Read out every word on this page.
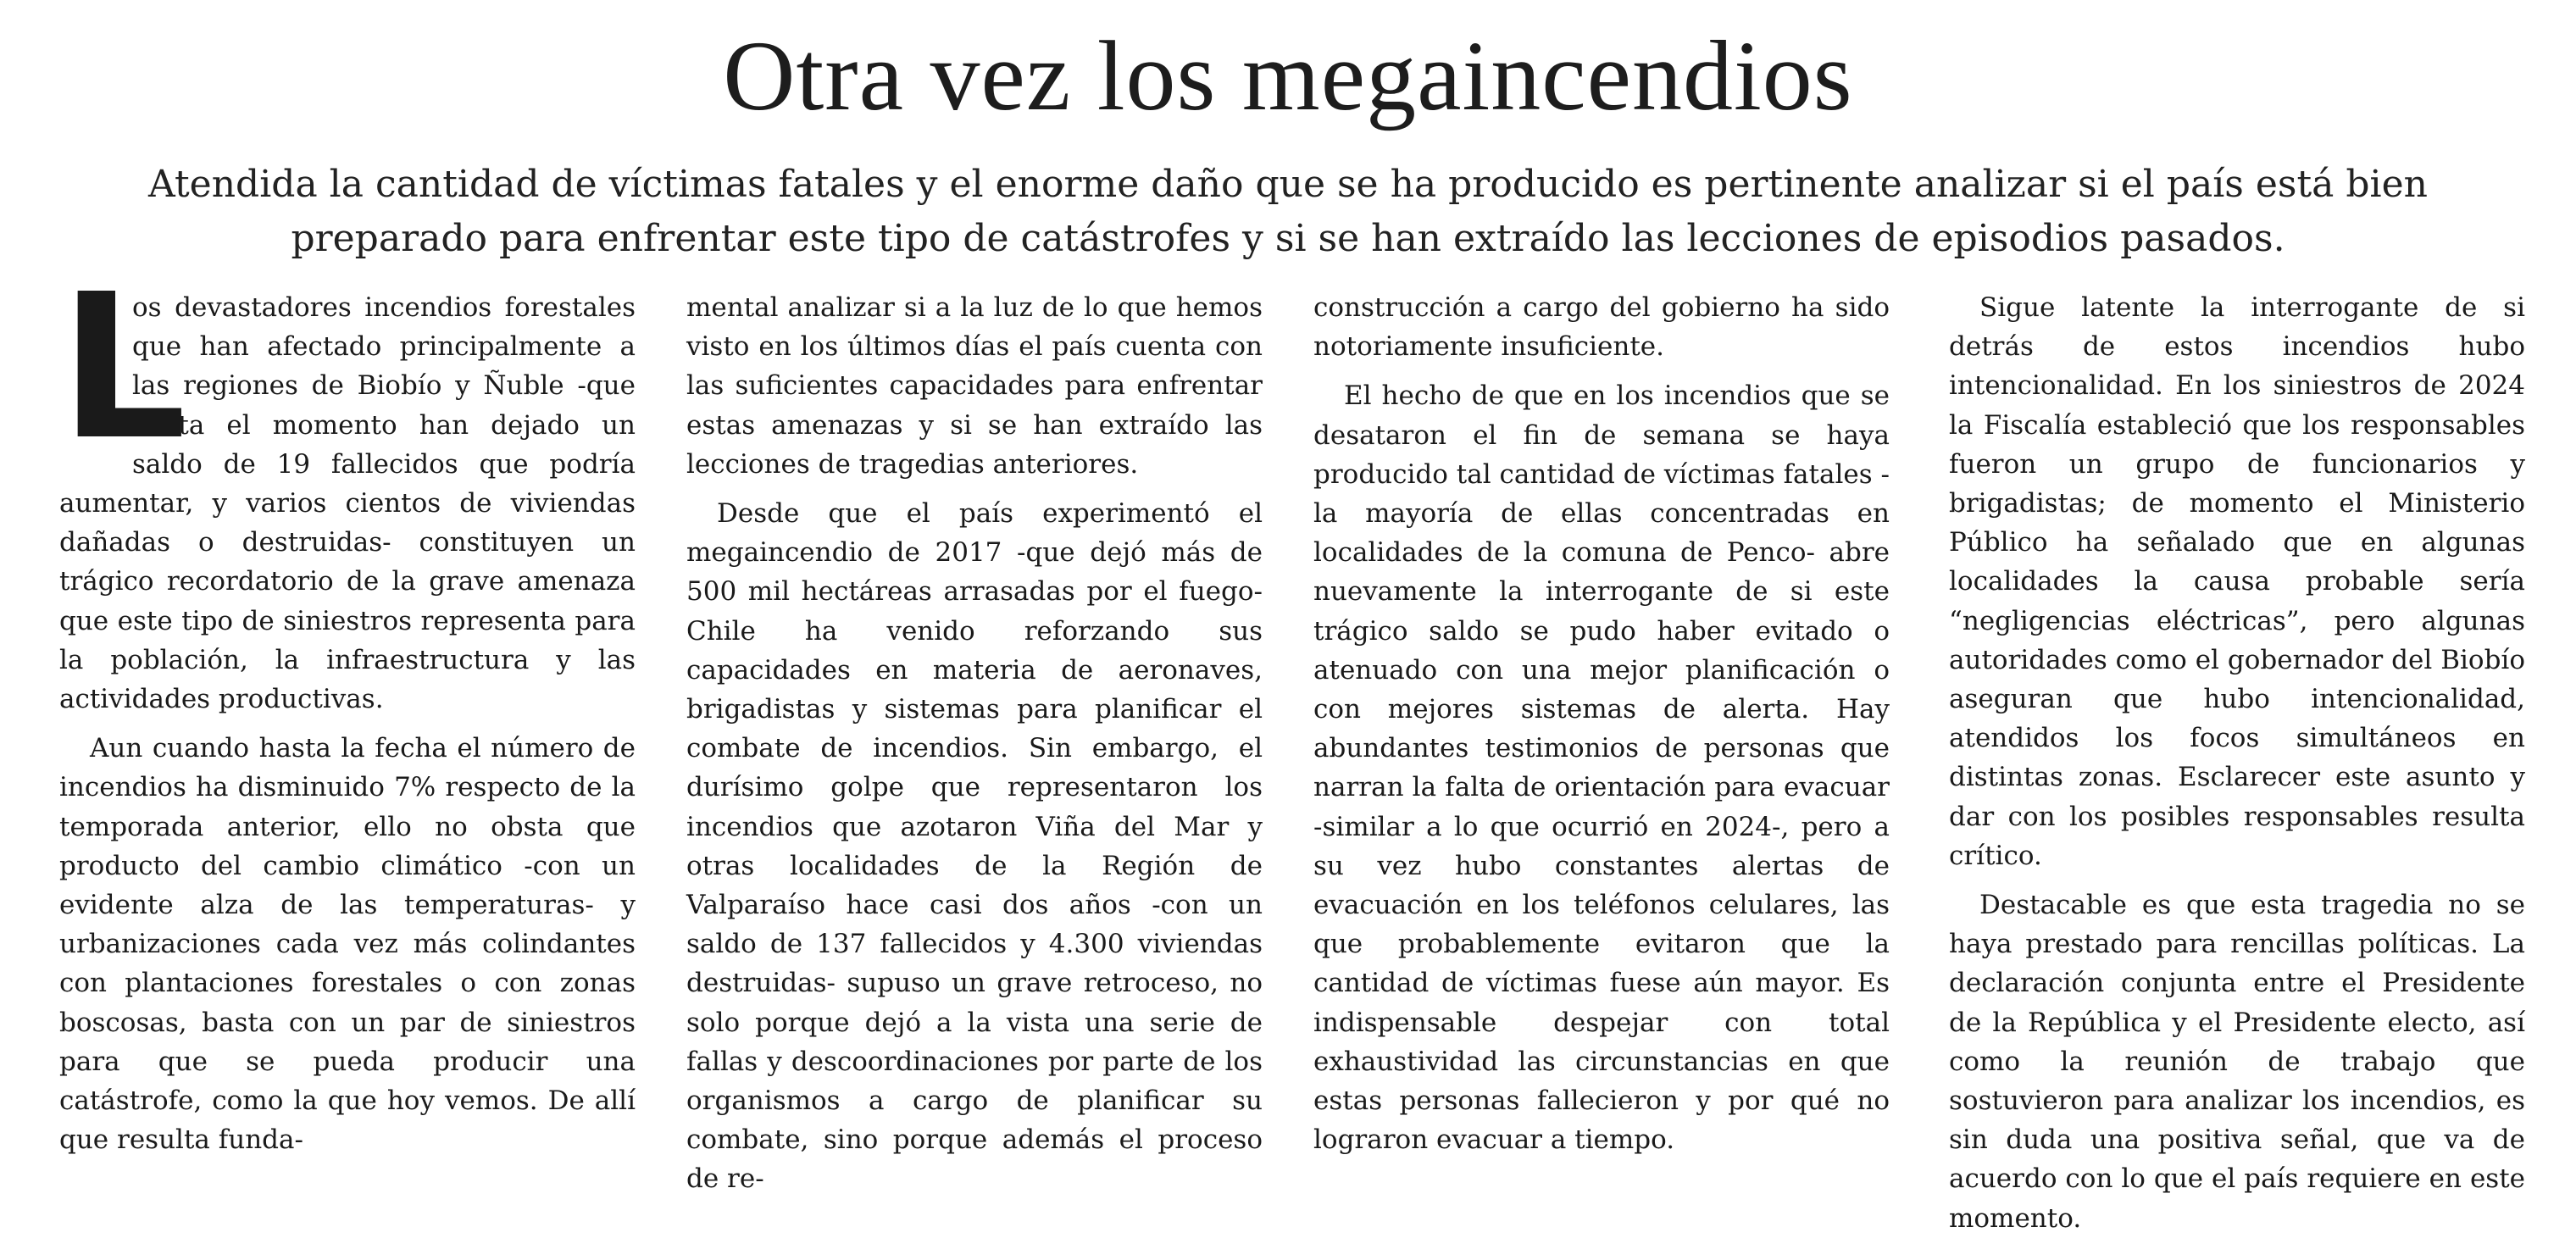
Otra vez los megaincendios

Atendida la cantidad de víctimas fatales y el enorme daño que se ha producido es pertinente analizar si el país está bien preparado para enfrentar este tipo de catástrofes y si se han extraído las lecciones de episodios pasados.

L
os devastadores incendios forestales que han afectado principalmente a las regiones de Biobío y Ñuble -que hasta el momento han dejado un saldo de 19 fallecidos que podría aumentar, y varios cientos de viviendas dañadas o destruidas- constituyen un trágico recordatorio de la grave amenaza que este tipo de siniestros representa para la población, la infraestructura y las actividades productivas.

Aun cuando hasta la fecha el número de incendios ha disminuido 7% respecto de la temporada anterior, ello no obsta que producto del cambio climático -con un evidente alza de las temperaturas- y urbanizaciones cada vez más colindantes con plantaciones forestales o con zonas boscosas, basta con un par de siniestros para que se pueda producir una catástrofe, como la que hoy vemos. De allí que resulta funda-

mental analizar si a la luz de lo que hemos visto en los últimos días el país cuenta con las suficientes capacidades para enfrentar estas amenazas y si se han extraído las lecciones de tragedias anteriores.

Desde que el país experimentó el megaincendio de 2017 -que dejó más de 500 mil hectáreas arrasadas por el fuego- Chile ha venido reforzando sus capacidades en materia de aeronaves, brigadistas y sistemas para planificar el combate de incendios. Sin embargo, el durísimo golpe que representaron los incendios que azotaron Viña del Mar y otras localidades de la Región de Valparaíso hace casi dos años -con un saldo de 137 fallecidos y 4.300 viviendas destruidas- supuso un grave retroceso, no solo porque dejó a la vista una serie de fallas y descoordinaciones por parte de los organismos a cargo de planificar su combate, sino porque además el proceso de re-

construcción a cargo del gobierno ha sido notoriamente insuficiente.

El hecho de que en los incendios que se desataron el fin de semana se haya producido tal cantidad de víctimas fatales -la mayoría de ellas concentradas en localidades de la comuna de Penco- abre nuevamente la interrogante de si este trágico saldo se pudo haber evitado o atenuado con una mejor planificación o con mejores sistemas de alerta. Hay abundantes testimonios de personas que narran la falta de orientación para evacuar -similar a lo que ocurrió en 2024-, pero a su vez hubo constantes alertas de evacuación en los teléfonos celulares, las que probablemente evitaron que la cantidad de víctimas fuese aún mayor. Es indispensable despejar con total exhaustividad las circunstancias en que estas personas fallecieron y por qué no lograron evacuar a tiempo.

Sigue latente la interrogante de si detrás de estos incendios hubo intencionalidad. En los siniestros de 2024 la Fiscalía estableció que los responsables fueron un grupo de funcionarios y brigadistas; de momento el Ministerio Público ha señalado que en algunas localidades la causa probable sería “negligencias eléctricas”, pero algunas autoridades como el gobernador del Biobío aseguran que hubo intencionalidad, atendidos los focos simultáneos en distintas zonas. Esclarecer este asunto y dar con los posibles responsables resulta crítico.

Destacable es que esta tragedia no se haya prestado para rencillas políticas. La declaración conjunta entre el Presidente de la República y el Presidente electo, así como la reunión de trabajo que sostuvieron para analizar los incendios, es sin duda una positiva señal, que va de acuerdo con lo que el país requiere en este momento.
